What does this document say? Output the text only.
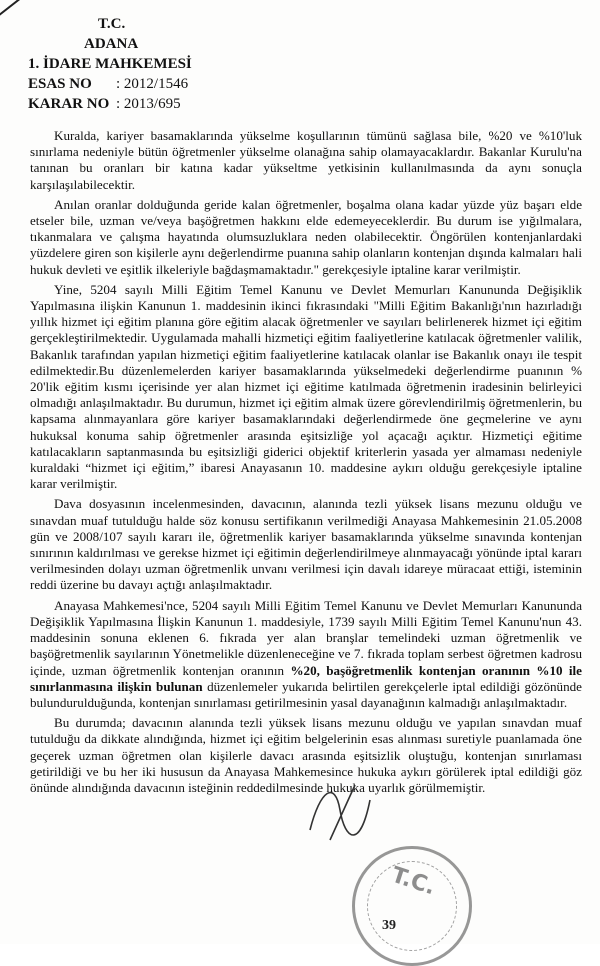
T.C.
ADANA
1. İDARE MAHKEMESİ
ESAS NO : 2012/1546
KARAR NO : 2013/695

Kuralda, kariyer basamaklarında yükselme koşullarının tümünü sağlasa bile, %20 ve %10'luk sınırlama nedeniyle bütün öğretmenler yükselme olanağına sahip olamayacaklardır. Bakanlar Kurulu'na tanınan bu oranları bir katına kadar yükseltme yetkisinin kullanılmasında da aynı sonuçla karşılaşılabilecektir.

Anılan oranlar dolduğunda geride kalan öğretmenler, boşalma olana kadar yüzde yüz başarı elde etseler bile, uzman ve/veya başöğretmen hakkını elde edemeyeceklerdir. Bu durum ise yığılmalara, tıkanmalara ve çalışma hayatında olumsuzluklara neden olabilecektir. Öngörülen kontenjanlardaki yüzdelere giren son kişilerle aynı değerlendirme puanına sahip olanların kontenjan dışında kalmaları hali hukuk devleti ve eşitlik ilkeleriyle bağdaşmamaktadır." gerekçesiyle iptaline karar verilmiştir.

Yine, 5204 sayılı Milli Eğitim Temel Kanunu ve Devlet Memurları Kanununda Değişiklik Yapılmasına ilişkin Kanunun 1. maddesinin ikinci fıkrasındaki "Milli Eğitim Bakanlığı'nın hazırladığı yıllık hizmet içi eğitim planına göre eğitim alacak öğretmenler ve sayıları belirlenerek hizmet içi eğitim gerçekleştirilmektedir. Uygulamada mahalli hizmetiçi eğitim faaliyetlerine katılacak öğretmenler valilik, Bakanlık tarafından yapılan hizmetiçi eğitim faaliyetlerine katılacak olanlar ise Bakanlık onayı ile tespit edilmektedir.Bu düzenlemelerden kariyer basamaklarında yükselmedeki değerlendirme puanının % 20'lik eğitim kısmı içerisinde yer alan hizmet içi eğitime katılmada öğretmenin iradesinin belirleyici olmadığı anlaşılmaktadır. Bu durumun, hizmet içi eğitim almak üzere görevlendirilmiş öğretmenlerin, bu kapsama alınmayanlara göre kariyer basamaklarındaki değerlendirmede öne geçmelerine ve aynı hukuksal konuma sahip öğretmenler arasında eşitsizliğe yol açacağı açıktır. Hizmetiçi eğitime katılacakların saptanmasında bu eşitsizliği giderici objektif kriterlerin yasada yer almaması nedeniyle kuraldaki “hizmet içi eğitim,” ibaresi Anayasanın 10. maddesine aykırı olduğu gerekçesiyle iptaline karar verilmiştir.

Dava dosyasının incelenmesinden, davacının, alanında tezli yüksek lisans mezunu olduğu ve sınavdan muaf tutulduğu halde söz konusu sertifikanın verilmediği Anayasa Mahkemesinin 21.05.2008 gün ve 2008/107 sayılı kararı ile, öğretmenlik kariyer basamaklarında yükselme sınavında kontenjan sınırının kaldırılması ve gerekse hizmet içi eğitimin değerlendirilmeye alınmayacağı yönünde iptal kararı verilmesinden dolayı uzman öğretmenlik unvanı verilmesi için davalı idareye müracaat ettiği, isteminin reddi üzerine bu davayı açtığı anlaşılmaktadır.

Anayasa Mahkemesi'nce, 5204 sayılı Milli Eğitim Temel Kanunu ve Devlet Memurları Kanununda Değişiklik Yapılmasına İlişkin Kanunun 1. maddesiyle, 1739 sayılı Milli Eğitim Temel Kanunu'nun 43. maddesinin sonuna eklenen 6. fıkrada yer alan branşlar temelindeki uzman öğretmenlik ve başöğretmenlik sayılarının Yönetmelikle düzenleneceğine ve 7. fıkrada toplam serbest öğretmen kadrosu içinde, uzman öğretmenlik kontenjan oranının %20, başöğretmenlik kontenjan oranının %10 ile sınırlanmasına ilişkin bulunan düzenlemeler yukarıda belirtilen gerekçelerle iptal edildiği gözönünde bulundurulduğunda, kontenjan sınırlaması getirilmesinin yasal dayanağının kalmadığı anlaşılmaktadır.

Bu durumda; davacının alanında tezli yüksek lisans mezunu olduğu ve yapılan sınavdan muaf tutulduğu da dikkate alındığında, hizmet içi eğitim belgelerinin esas alınması suretiyle puanlamada öne geçerek uzman öğretmen olan kişilerle davacı arasında eşitsizlik oluştuğu, kontenjan sınırlaması getirildiği ve bu her iki hususun da Anayasa Mahkemesince hukuka aykırı görülerek iptal edildiği göz önünde alındığında davacının isteğinin reddedilmesinde hukuka uyarlık görülmemiştir.

T.C.
39
